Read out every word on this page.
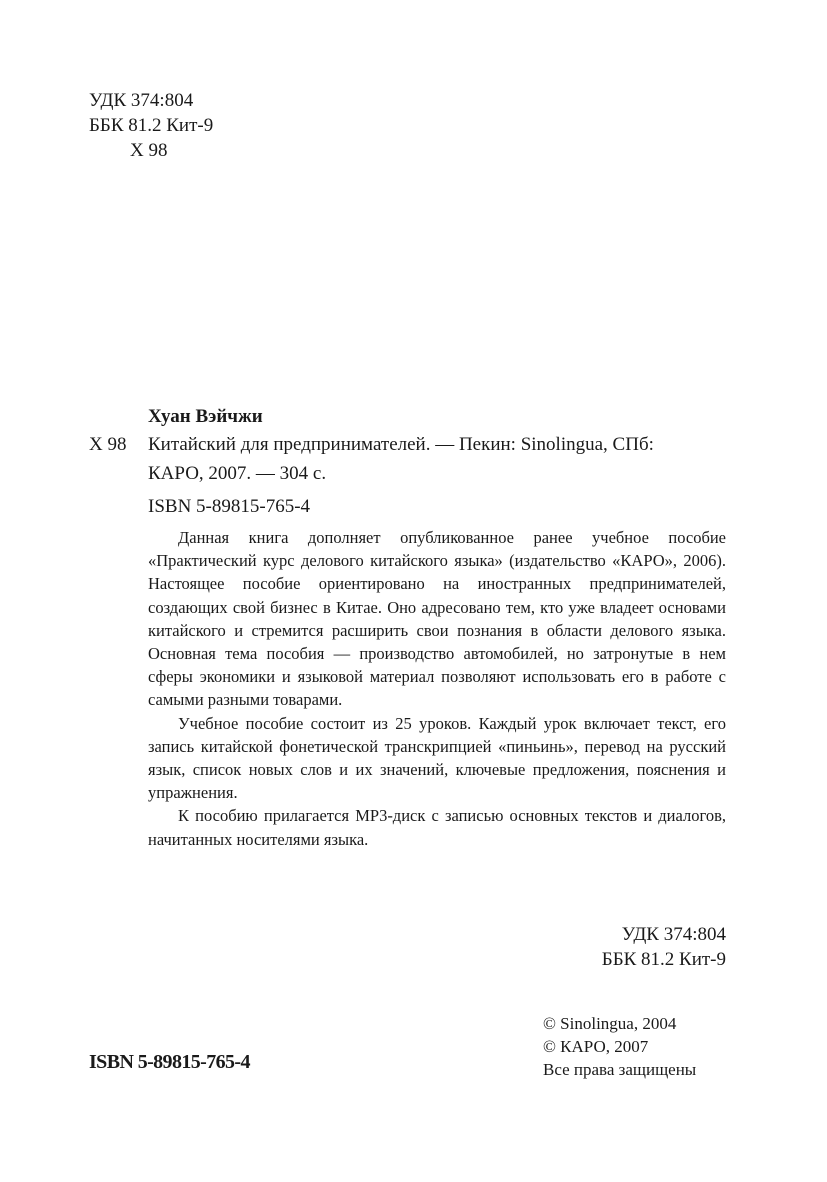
УДК 374:804
ББК 81.2 Кит-9
Х 98
Хуан Вэйчжи
Х 98 Китайский для предпринимателей. — Пекин: Sinolingua, СПб:
КАРО, 2007. — 304 с.
ISBN 5-89815-765-4

Данная книга дополняет опубликованное ранее учебное пособие «Практический курс делового китайского языка» (издательство «КАРО», 2006). Настоящее пособие ориентировано на иностранных предпринимателей, создающих свой бизнес в Китае. Оно адресовано тем, кто уже владеет основами китайского и стремится расширить свои познания в области делового языка. Основная тема пособия — производство автомобилей, но затронутые в нем сферы экономики и языковой материал позволяют использовать его в работе с самыми разными товарами.

Учебное пособие состоит из 25 уроков. Каждый урок включает текст, его запись китайской фонетической транскрипцией «пиньинь», перевод на русский язык, список новых слов и их значений, ключевые предложения, пояснения и упражнения.

К пособию прилагается MP3-диск с записью основных текстов и диалогов, начитанных носителями языка.

УДК 374:804
ББК 81.2 Кит-9
ISBN 5-89815-765-4
© Sinolingua, 2004
© КАРО, 2007
Все права защищены
